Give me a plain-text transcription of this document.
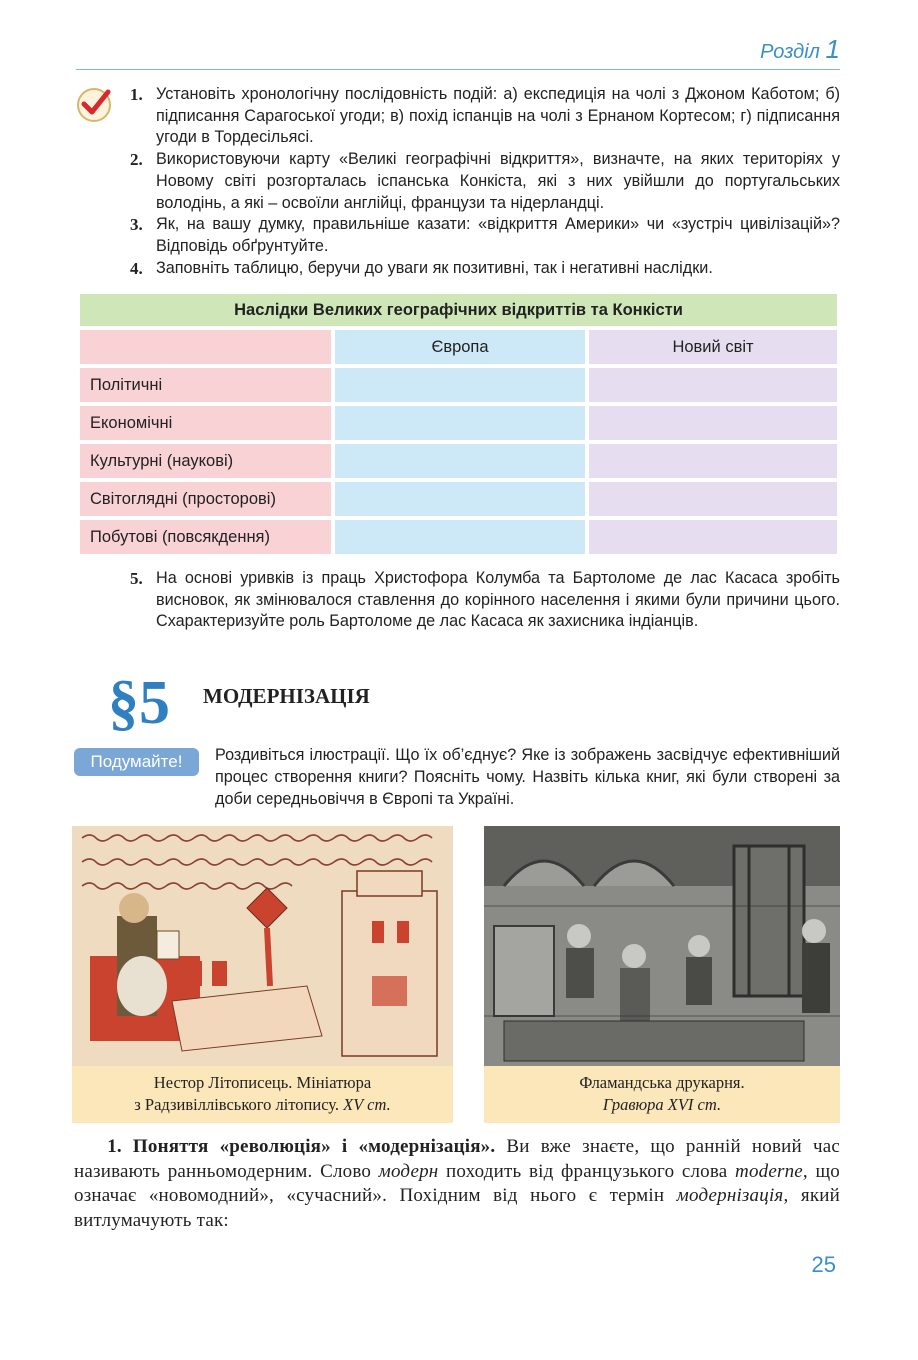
Розділ 1
1. Установіть хронологічну послідовність подій: а) експедиція на чолі з Джоном Каботом; б) підписання Сарагоської угоди; в) похід іспанців на чолі з Ернаном Кортесом; г) підписання угоди в Тордесільясі.
2. Використовуючи карту «Великі географічні відкриття», визначте, на яких територіях у Новому світі розгорталась іспанська Конкіста, які з них увійшли до португальських володінь, а які – освоїли англійці, французи та нідерландці.
3. Як, на вашу думку, правильніше казати: «відкриття Америки» чи «зустріч цивілізацій»? Відповідь обґрунтуйте.
4. Заповніть таблицю, беручи до уваги як позитивні, так і негативні наслідки.
Наслідки Великих географічних відкриттів та Конкісти		
	Європа	Новий світ
Політичні		
Економічні		
Культурні (наукові)		
Світоглядні (просторові)		
Побутові (повсякдення)		
5. На основі уривків із праць Христофора Колумба та Бартоломе де лас Касаса зробіть висновок, як змінювалося ставлення до корінного населення і якими були причини цього. Схарактеризуйте роль Бартоломе де лас Касаса як захисника індіанців.
§5 МОДЕРНІЗАЦІЯ
Подумайте!	Роздивіться ілюстрації. Що їх об’єднує? Яке із зображень засвідчує ефективніший процес створення книги? Поясніть чому. Назвіть кілька книг, які були створені за доби середньовіччя в Європі та Україні.
Нестор Літописець. Мініатюра
з Радзивіллівського літопису. XV ст.
Фламандська друкарня.
Гравюра XVI ст.
1. Поняття «революція» і «модернізація». Ви вже знаєте, що ранній новий час називають ранньомодерним. Слово модерн походить від французького слова moderne, що означає «новомодний», «сучасний». Похідним від нього є термін модернізація, який витлумачують так:
25
